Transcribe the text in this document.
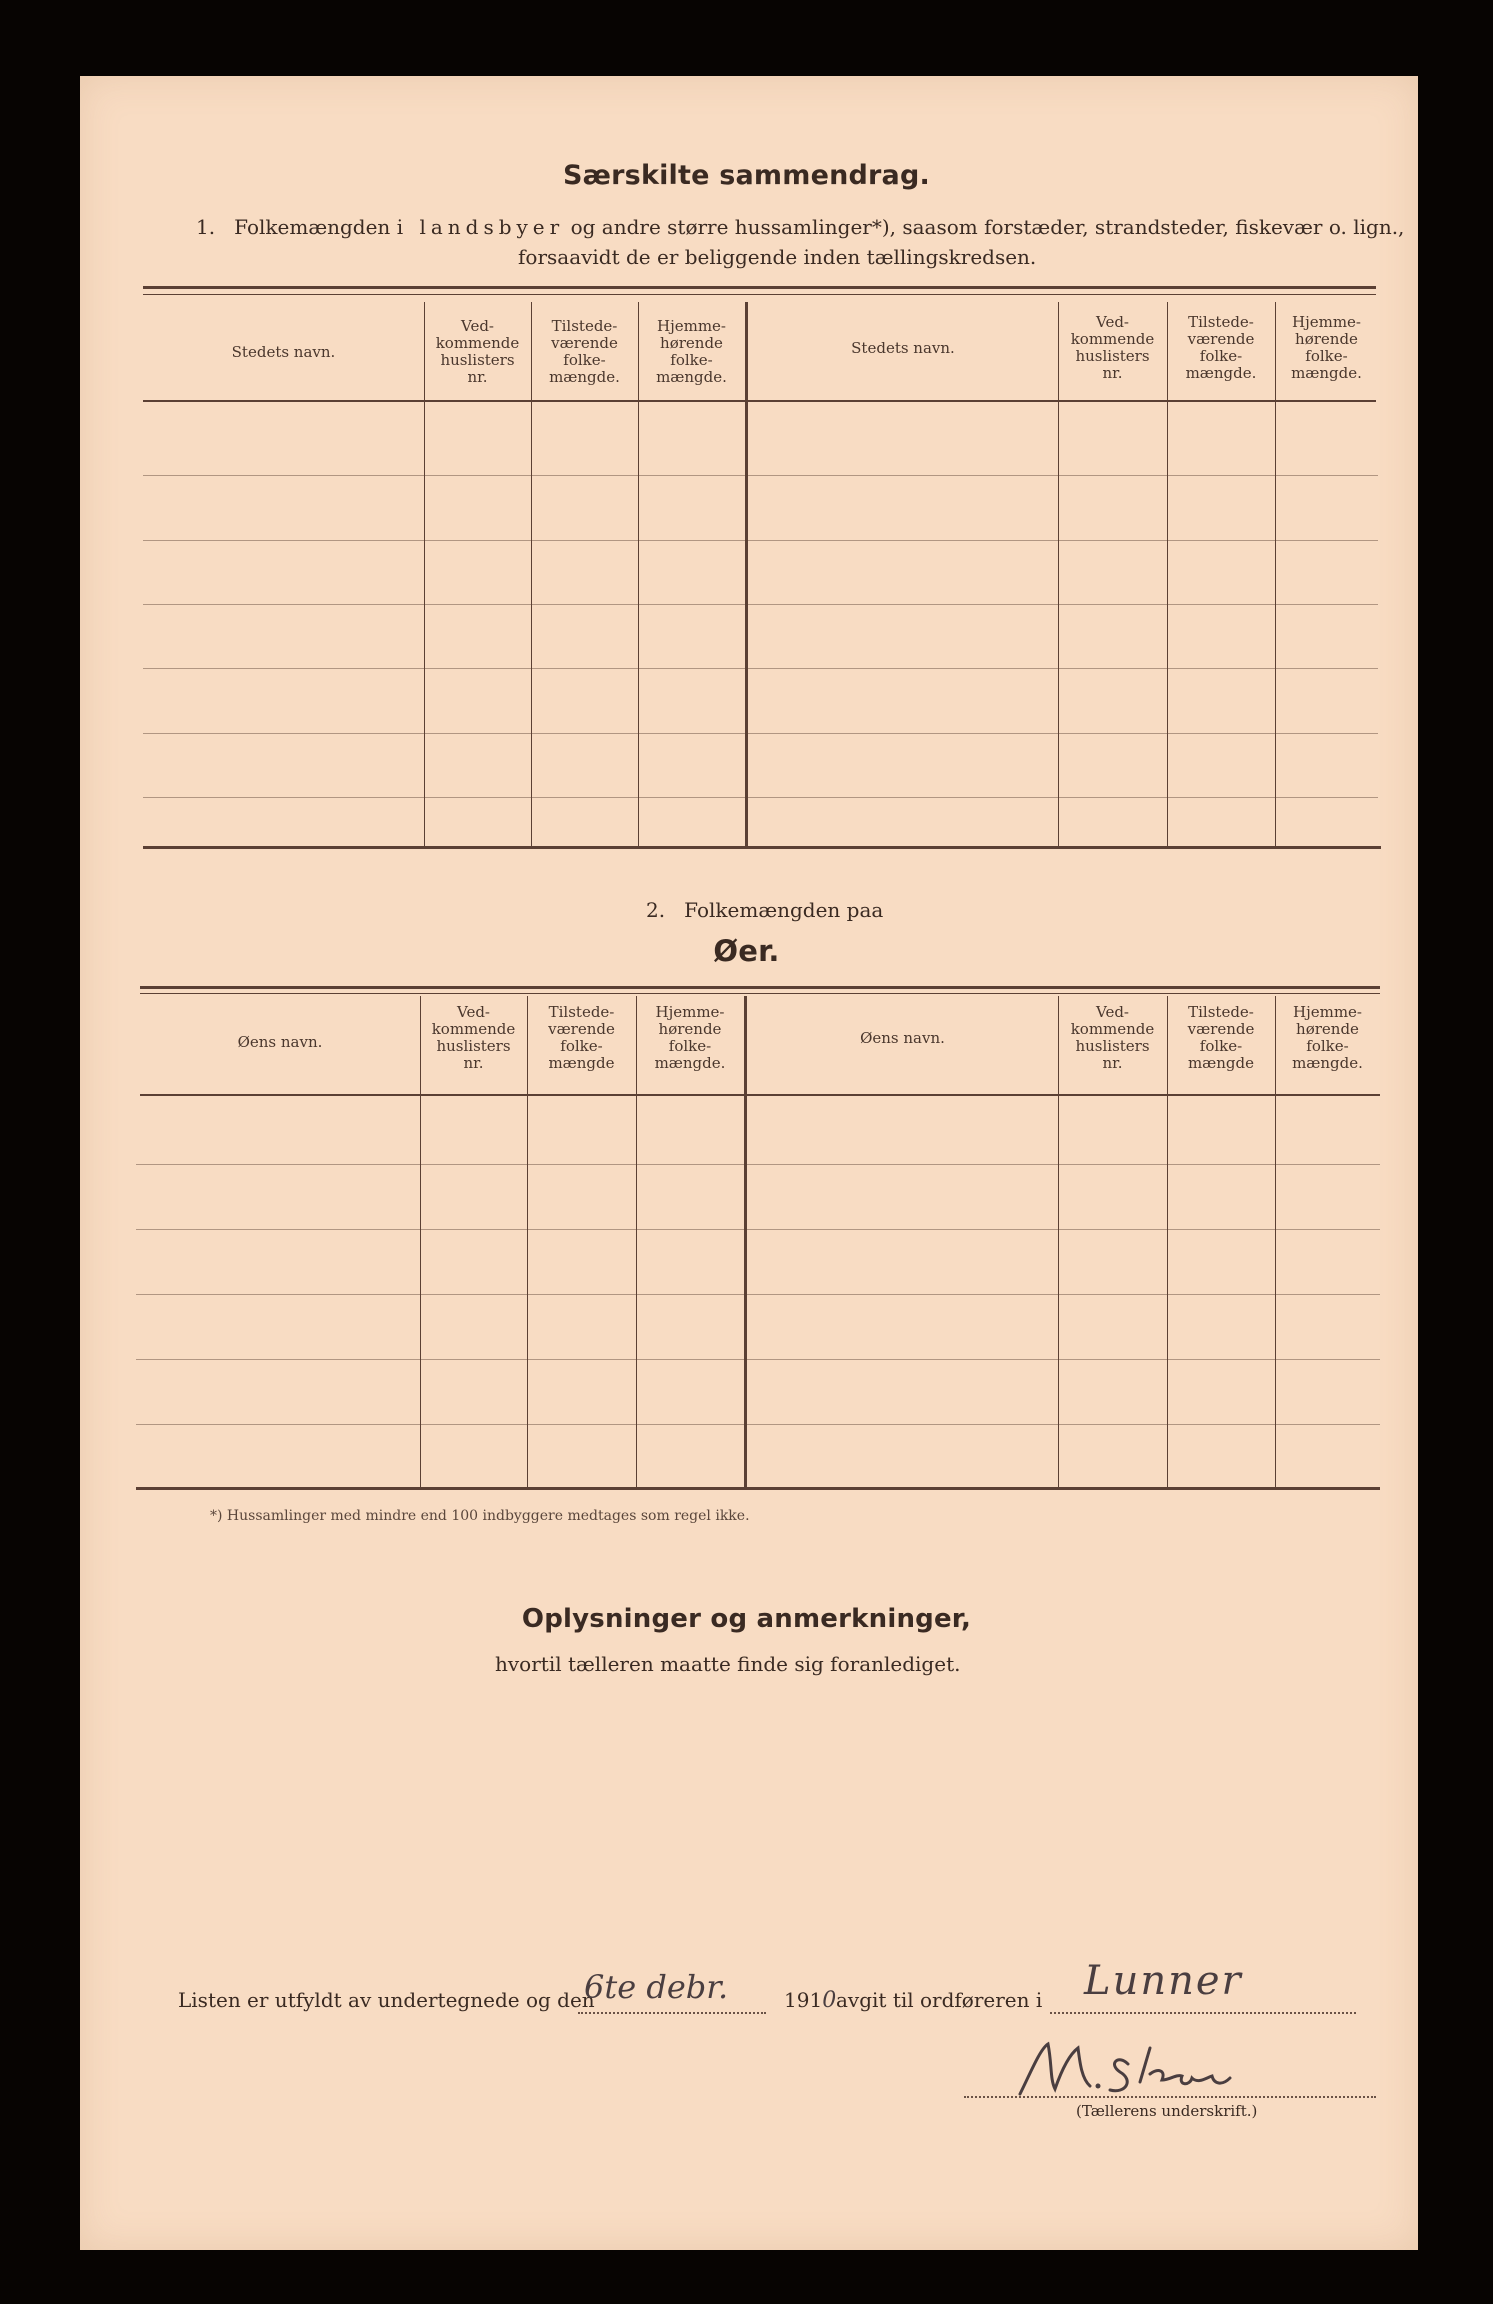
Særskilte sammendrag.
1. Folkemængden i landsbyer og andre større hussamlinger*), saasom forstæder, strandsteder, fiskevær o. lign.,
forsaavidt de er beliggende inden tællingskredsen.
Stedets navn.
Ved-
kommende
huslisters
nr.
Tilstede-
værende
folke-
mængde.
Hjemme-
hørende
folke-
mængde.
Stedets navn.
Ved-
kommende
huslisters
nr.
Tilstede-
værende
folke-
mængde.
Hjemme-
hørende
folke-
mængde.
2. Folkemængden paa
Øer.
Øens navn.
Ved-
kommende
huslisters
nr.
Tilstede-
værende
folke-
mængde
Hjemme-
hørende
folke-
mængde.
Øens navn.
Ved-
kommende
huslisters
nr.
Tilstede-
værende
folke-
mængde
Hjemme-
hørende
folke-
mængde.
*) Hussamlinger med mindre end 100 indbyggere medtages som regel ikke.
Oplysninger og anmerkninger,
hvortil tælleren maatte finde sig foranlediget.
Listen er utfyldt av undertegnede og den
6te debr.	1910 avgit til ordføreren i Lunner
(Tællerens underskrift.)
